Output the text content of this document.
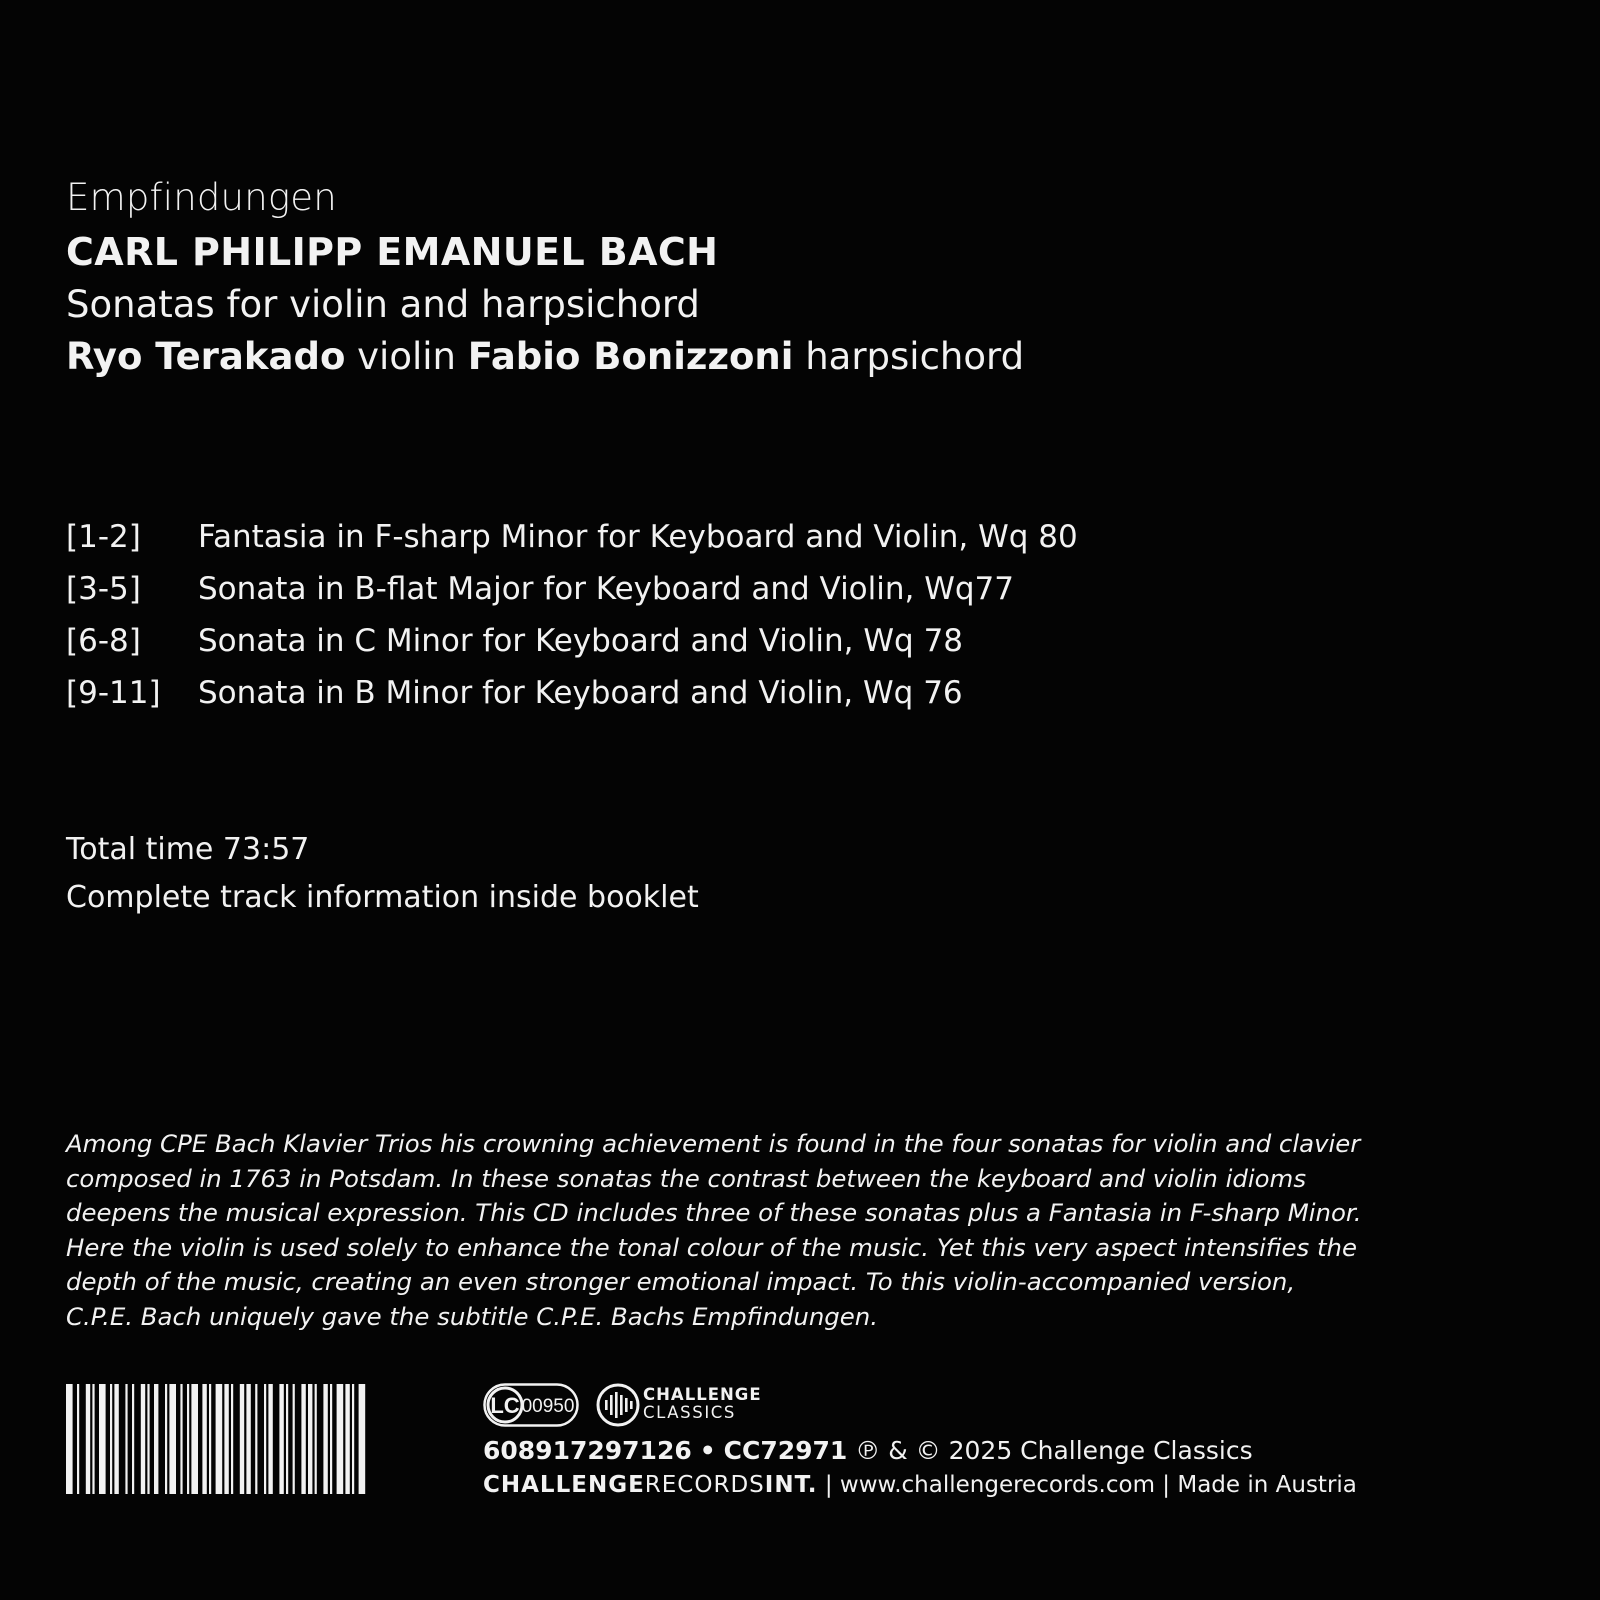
Empfindungen
CARL PHILIPP EMANUEL BACH
Sonatas for violin and harpsichord
Ryo Terakado violin Fabio Bonizzoni harpsichord
[1-2] Fantasia in F-sharp Minor for Keyboard and Violin, Wq 80
[3-5] Sonata in B-flat Major for Keyboard and Violin, Wq77
[6-8] Sonata in C Minor for Keyboard and Violin, Wq 78
[9-11] Sonata in B Minor for Keyboard and Violin, Wq 76
Total time 73:57
Complete track information inside booklet
Among CPE Bach Klavier Trios his crowning achievement is found in the four sonatas for violin and clavier
composed in 1763 in Potsdam. In these sonatas the contrast between the keyboard and violin idioms
deepens the musical expression. This CD includes three of these sonatas plus a Fantasia in F-sharp Minor.
Here the violin is used solely to enhance the tonal colour of the music. Yet this very aspect intensifies the
depth of the music, creating an even stronger emotional impact. To this violin-accompanied version,
C.P.E. Bach uniquely gave the subtitle C.P.E. Bachs Empfindungen.
LC 00950
CHALLENGE
CLASSICS
608917297126 • CC72971 ℗ & © 2025 Challenge Classics
CHALLENGERECORDSINT. | www.challengerecords.com | Made in Austria
